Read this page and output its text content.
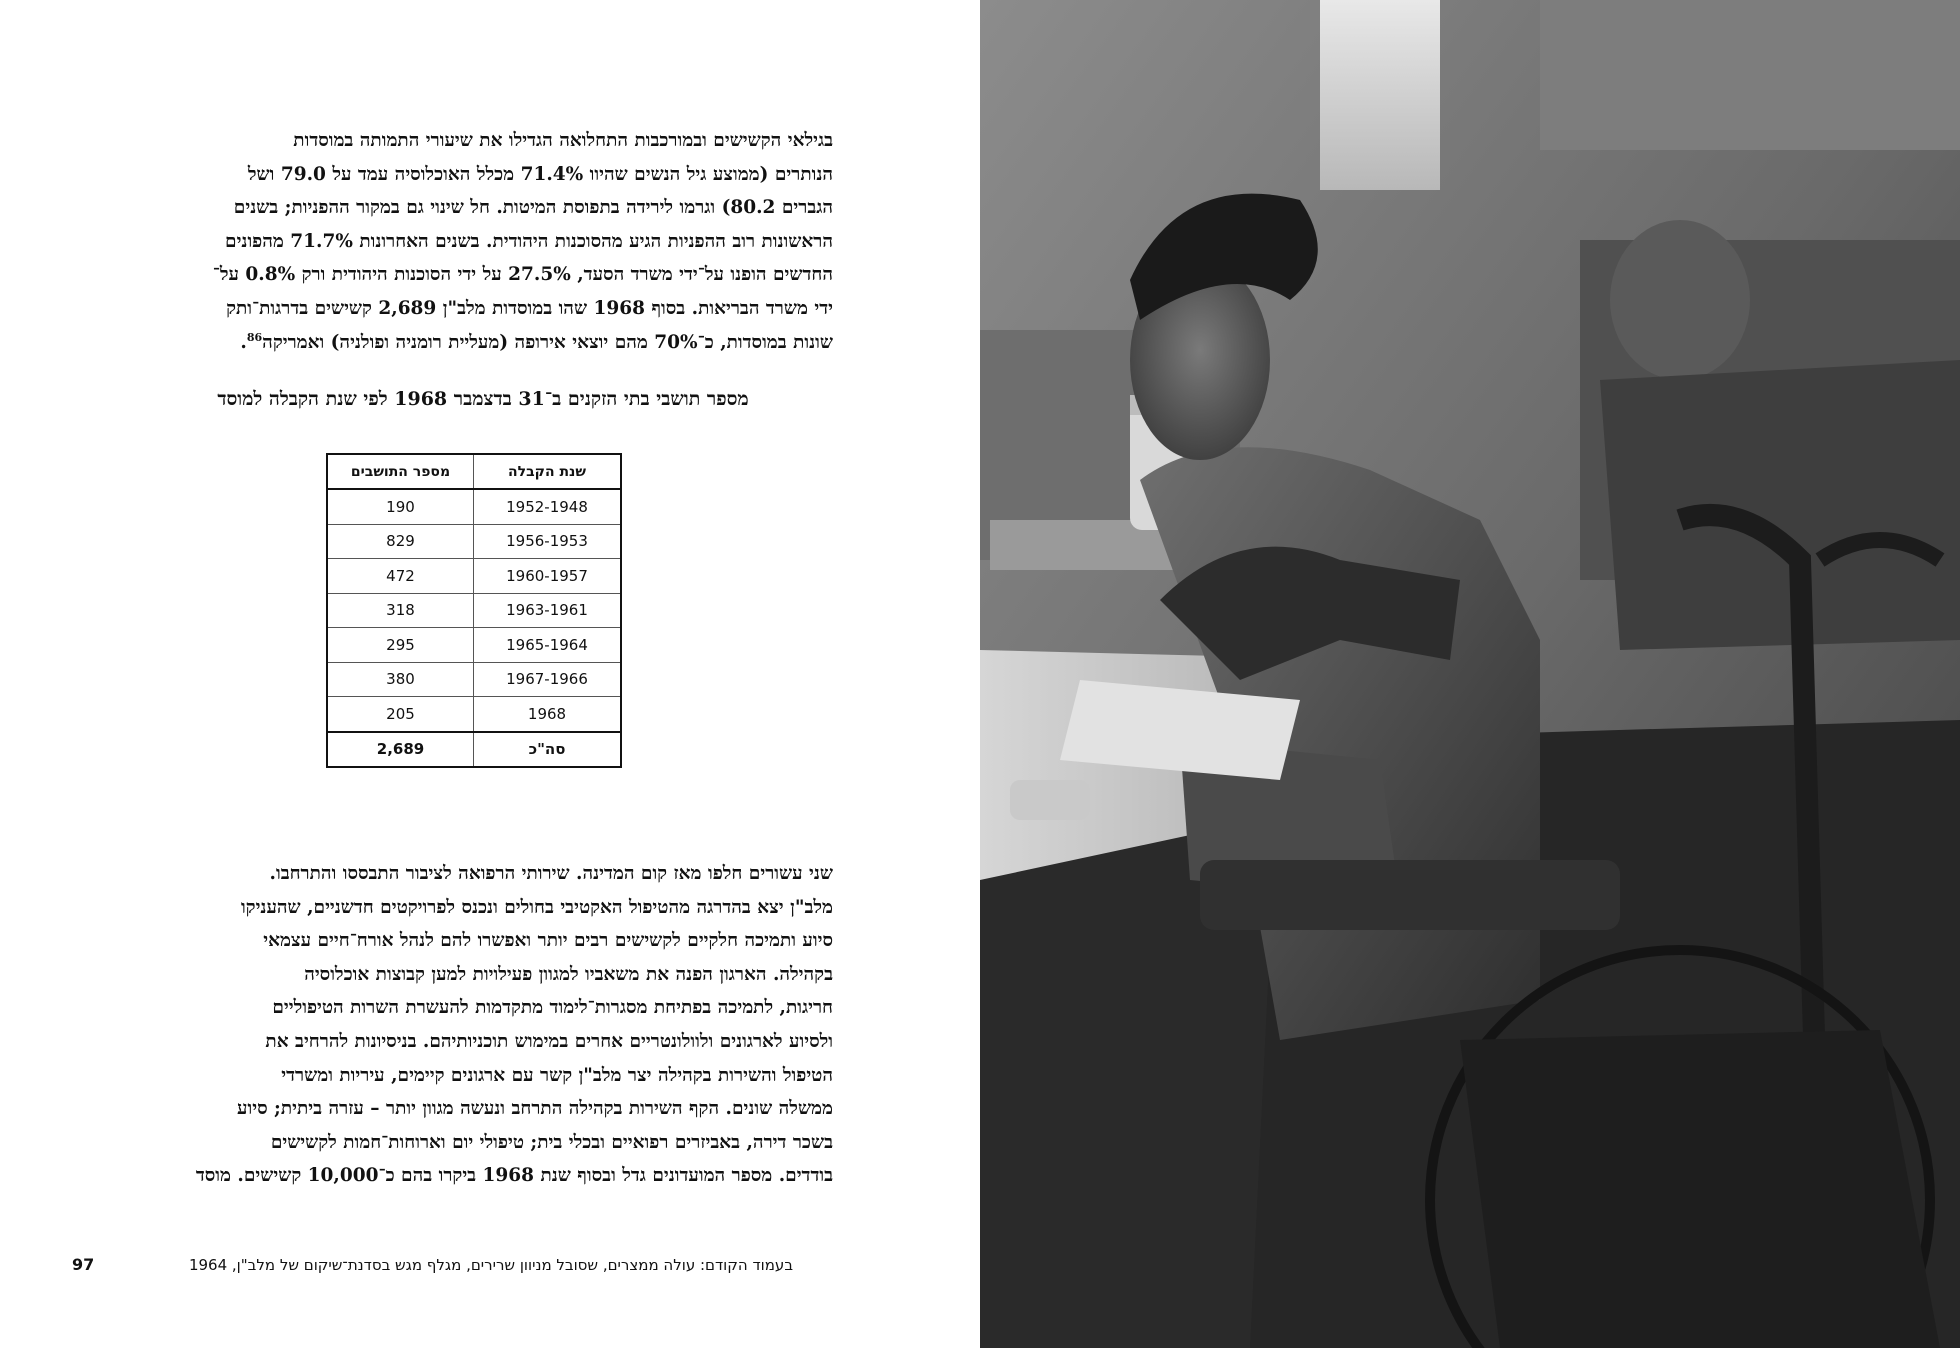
בגילאי הקשישים ובמורכבות התחלואה הגדילו את שיעורי התמותה במוסדות
הנותרים (ממוצע גיל הנשים שהיוו 71.4% מכלל האוכלוסיה עמד על 79.0 ושל
הגברים 80.2) וגרמו לירידה בתפוסת המיטות. חל שינוי גם במקור ההפניות; בשנים
הראשונות רוב ההפניות הגיע מהסוכנות היהודית. בשנים האחרונות 71.7% מהפונים
החדשים הופנו על־ידי משרד הסעד, 27.5% על ידי הסוכנות היהודית ורק 0.8% על־
ידי משרד הבריאות. בסוף 1968 שהו במוסדות מלב"ן 2,689 קשישים בדרגות־ותק
שונות במוסדות, כ־70% מהם יוצאי אירופה (מעליית רומניה ופולניה) ואמריקה$^{86}$.
מספר תושבי בתי הזקנים ב־31 בדצמבר 1968 לפי שנת הקבלה למוסד
שנת הקבלה	מספר התושבים
1952-1948	190
1956-1953	829
1960-1957	472
1963-1961	318
1965-1964	295
1967-1966	380
1968	205
סה"כ	2,689
שני עשורים חלפו מאז קום המדינה. שירותי הרפואה לציבור התבססו והתרחבו.
מלב"ן יצא בהדרגה מהטיפול האקטיבי בחולים ונכנס לפרויקטים חדשניים, שהעניקו
סיוע ותמיכה חלקיים לקשישים רבים יותר ואפשרו להם לנהל אורח־חיים עצמאי
בקהילה. הארגון הפנה את משאביו למגוון פעילויות למען קבוצות אוכלוסיה
חריגות, לתמיכה בפתיחת מסגרות־לימוד מתקדמות להעשרת השרות הטיפוליים
ולסיוע לארגונים ולוולונטריים אחרים במימוש תוכניותיהם. בניסיונות להרחיב את
הטיפול והשירות בקהילה יצר מלב"ן קשר עם ארגונים קיימים, עיריות ומשרדי
ממשלה שונים. הקף השירות בקהילה התרחב ונעשה מגוון יותר – עזרה ביתית; סיוע
בשכר דירה, באביזרים רפואיים ובכלי בית; טיפולי יום וארוחות־חמות לקשישים
בודדים. מספר המועדונים גדל ובסוף שנת 1968 ביקרו בהם כ־10,000 קשישים. מוסד

בעמוד הקודם: עולה ממצרים, שסובל מניוון שרירים, מגלף מגש בסדנת־שיקום של מלב"ן, 1964

97
